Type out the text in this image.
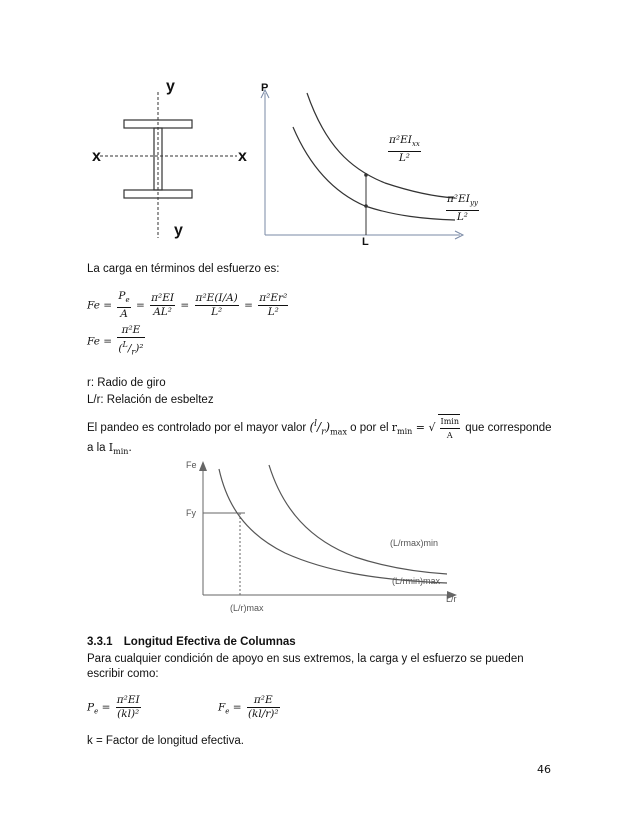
y
y
x	x
P
L
$\frac{\pi^2EI_{xx}}{\text{L²}}$
$\frac{\pi^2EI_{yy}}{\text{L²}}$
La carga en términos del esfuerzo es:
$Fe = \frac{P_e}{A} = \frac{\text{π²EI}}{\text{AL²}} = \frac{\text{π²E(I/A)}}{\text{L²}} = \frac{\text{π²Er²}}{\text{L²}}$
$Fe = \frac{\text{π²E}}{(^L/_r)^2}$
r: Radio de giro
L/r: Relación de esbeltez
El pandeo es controlado por el mayor valor $(^l/_r)_{max}$ o por el $r_{min}$ = √ $\frac{Imin}{A}$ que corresponde
a la $I_{min}$.
Fe
Fy
L/r
(L/rmax)min
(L/rmin)max
(L/r)max
3.3.1 Longitud Efectiva de Columnas
Para cualquier condición de apoyo en sus extremos, la carga y el esfuerzo se pueden
escribir como:
$P_e = \frac{\text{π²EI}}{\text{(kl)²}}$	$F_e = \frac{\text{π²E}}{\text{(kl/r)²}}$
k = Factor de longitud efectiva.
46
